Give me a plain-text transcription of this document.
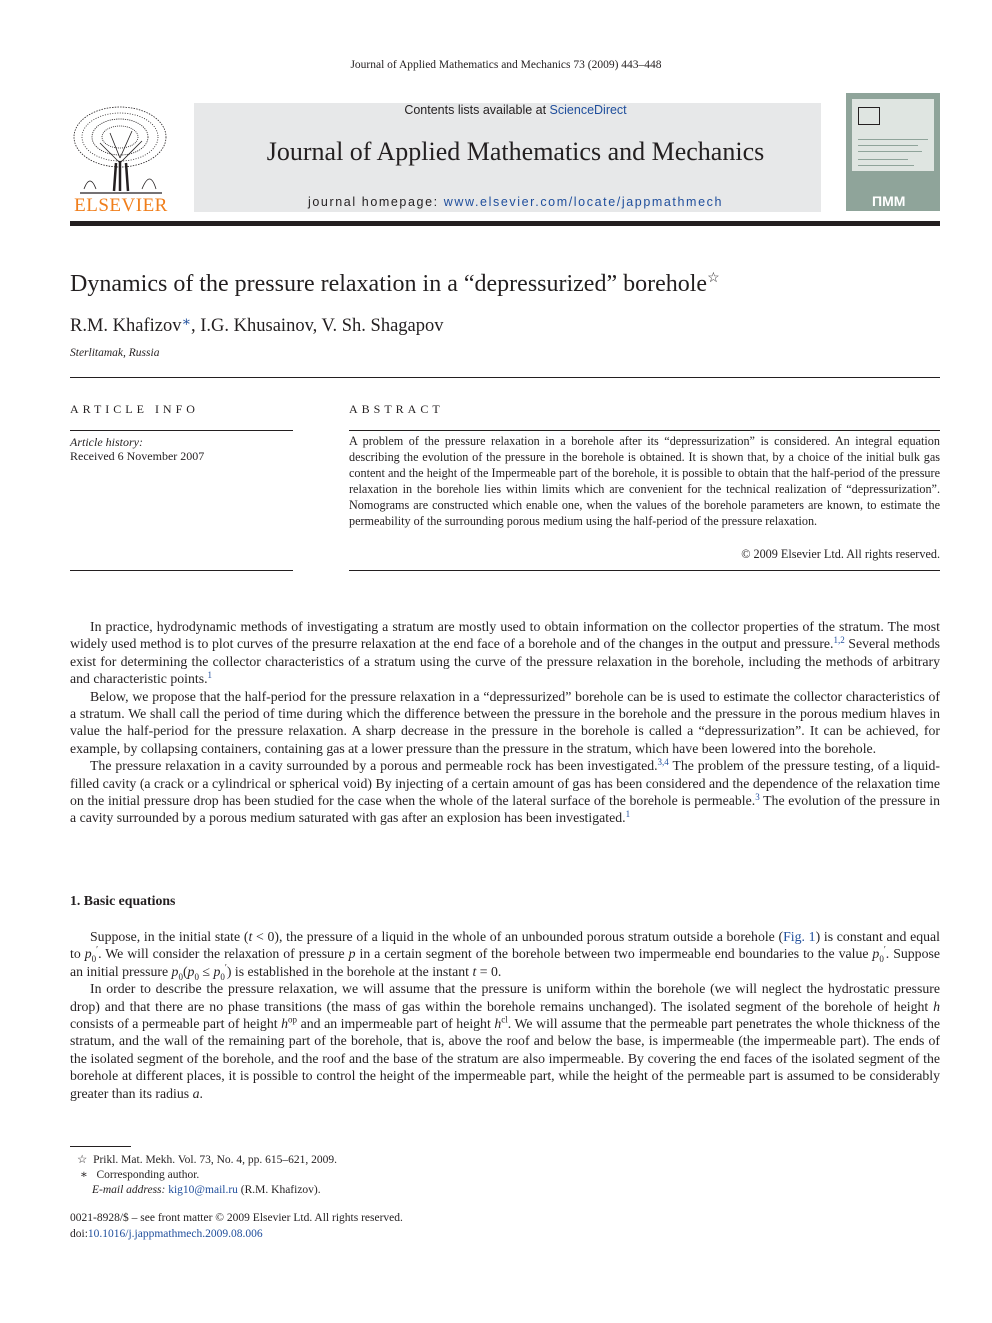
Journal of Applied Mathematics and Mechanics 73 (2009) 443–448
ELSEVIER
Contents lists available at ScienceDirect
Journal of Applied Mathematics and Mechanics
journal homepage: www.elsevier.com/locate/jappmathmech	ПММ
Dynamics of the pressure relaxation in a “depressurized” borehole☆
R.M. Khafizov∗, I.G. Khusainov, V. Sh. Shagapov
Sterlitamak, Russia
ARTICLE INFO
Article history:
Received 6 November 2007
ABSTRACT
A problem of the pressure relaxation in a borehole after its “depressurization” is considered. An integral equation describing the evolution of the pressure in the borehole is obtained. It is shown that, by a choice of the initial bulk gas content and the height of the Impermeable part of the borehole, it is possible to obtain that the half-period of the pressure relaxation in the borehole lies within limits which are convenient for the technical realization of “depressurization”. Nomograms are constructed which enable one, when the values of the borehole parameters are known, to estimate the permeability of the surrounding porous medium using the half-period of the pressure relaxation.
© 2009 Elsevier Ltd. All rights reserved.

In practice, hydrodynamic methods of investigating a stratum are mostly used to obtain information on the collector properties of the stratum. The most widely used method is to plot curves of the presurre relaxation at the end face of a borehole and of the changes in the output and pressure.$^{1,2}$ Several methods exist for determining the collector characteristics of a stratum using the curve of the pressure relaxation in the borehole, including the methods of arbitrary and characteristic points.$^1$

Below, we propose that the half-period for the pressure relaxation in a “depressurized” borehole can be is used to estimate the collector characteristics of a stratum. We shall call the period of time during which the difference between the pressure in the borehole and the pressure in the porous medium hlaves in value the half-period for the pressure relaxation. A sharp decrease in the pressure in the borehole is called a “depressurization”. It can be achieved, for example, by collapsing containers, containing gas at a lower pressure than the pressure in the stratum, which have been lowered into the borehole.

The pressure relaxation in a cavity surrounded by a porous and permeable rock has been investigated.$^{3,4}$ The problem of the pressure testing, of a liquid-filled cavity (a crack or a cylindrical or spherical void) By injecting of a certain amount of gas has been considered and the dependence of the relaxation time on the initial pressure drop has been studied for the case when the whole of the lateral surface of the borehole is permeable.$^3$ The evolution of the pressure in a cavity surrounded by a porous medium saturated with gas after an explosion has been investigated.$^1$

1. Basic equations

Suppose, in the initial state (t < 0), the pressure of a liquid in the whole of an unbounded porous stratum outside a borehole (Fig. 1) is constant and equal to $p_0'$. We will consider the relaxation of pressure p in a certain segment of the borehole between two impermeable end boundaries to the value $p_0'$. Suppose an initial pressure $p_0(p_0 \le p_0')$ is established in the borehole at the instant t = 0.

In order to describe the pressure relaxation, we will assume that the pressure is uniform within the borehole (we will neglect the hydrostatic pressure drop) and that there are no phase transitions (the mass of gas within the borehole remains unchanged). The isolated segment of the borehole of height h consists of a permeable part of height $h^{op}$ and an impermeable part of height $h^{cl}$. We will assume that the permeable part penetrates the whole thickness of the stratum, and the wall of the remaining part of the borehole, that is, above the roof and below the base, is impermeable (the impermeable part). The ends of the isolated segment of the borehole, and the roof and the base of the stratum are also impermeable. By covering the end faces of the isolated segment of the borehole at different places, it is possible to control the height of the impermeable part, while the height of the permeable part is assumed to be considerably greater than its radius a.

☆ Prikl. Mat. Mekh. Vol. 73, No. 4, pp. 615–621, 2009.
∗ Corresponding author.
E-mail address: kig10@mail.ru (R.M. Khafizov).
0021-8928/$ – see front matter © 2009 Elsevier Ltd. All rights reserved.
doi:10.1016/j.jappmathmech.2009.08.006
